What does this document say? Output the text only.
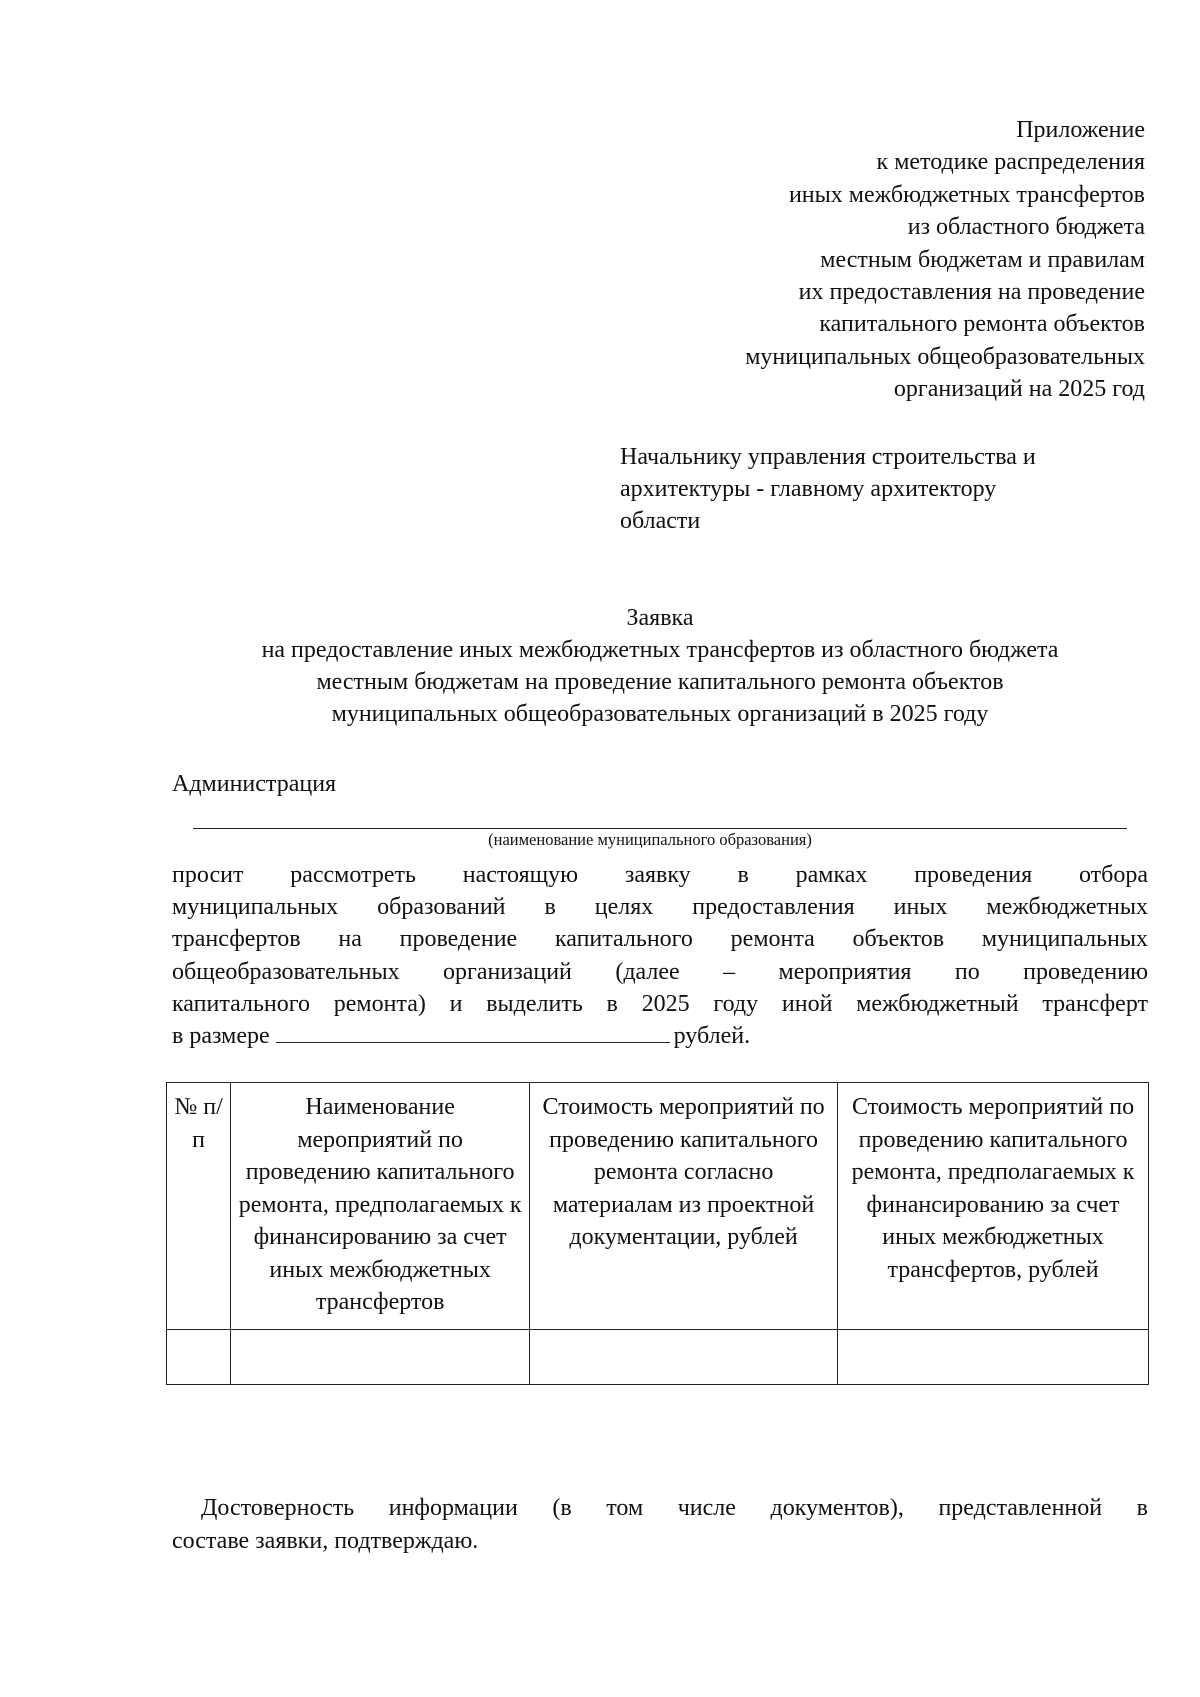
Приложение
к методике распределения
иных межбюджетных трансфертов
из областного бюджета
местным бюджетам и правилам
их предоставления на проведение
капитального ремонта объектов
муниципальных общеобразовательных
организаций на 2025 год
Начальнику управления строительства и
архитектуры - главному архитектору
области
Заявка
на предоставление иных межбюджетных трансфертов из областного бюджета
местным бюджетам на проведение капитального ремонта объектов
муниципальных общеобразовательных организаций в 2025 году
Администрация
(наименование муниципального образования)
просит рассмотреть настоящую заявку в рамках проведения отбора
муниципальных образований в целях предоставления иных межбюджетных
трансфертов на проведение капитального ремонта объектов муниципальных
общеобразовательных организаций (далее – мероприятия по проведению
капитального ремонта) и выделить в 2025 году иной межбюджетный трансферт
в размере	рублей.
№ п/п	Наименование мероприятий по проведению капитального ремонта, предполагаемых к финансированию за счет иных межбюджетных трансфертов	Стоимость мероприятий по проведению капитального ремонта согласно материалам из проектной документации, рублей	Стоимость мероприятий по проведению капитального ремонта, предполагаемых к финансированию за счет иных межбюджетных трансфертов, рублей

Достоверность информации (в том числе документов), представленной в
составе заявки, подтверждаю.
